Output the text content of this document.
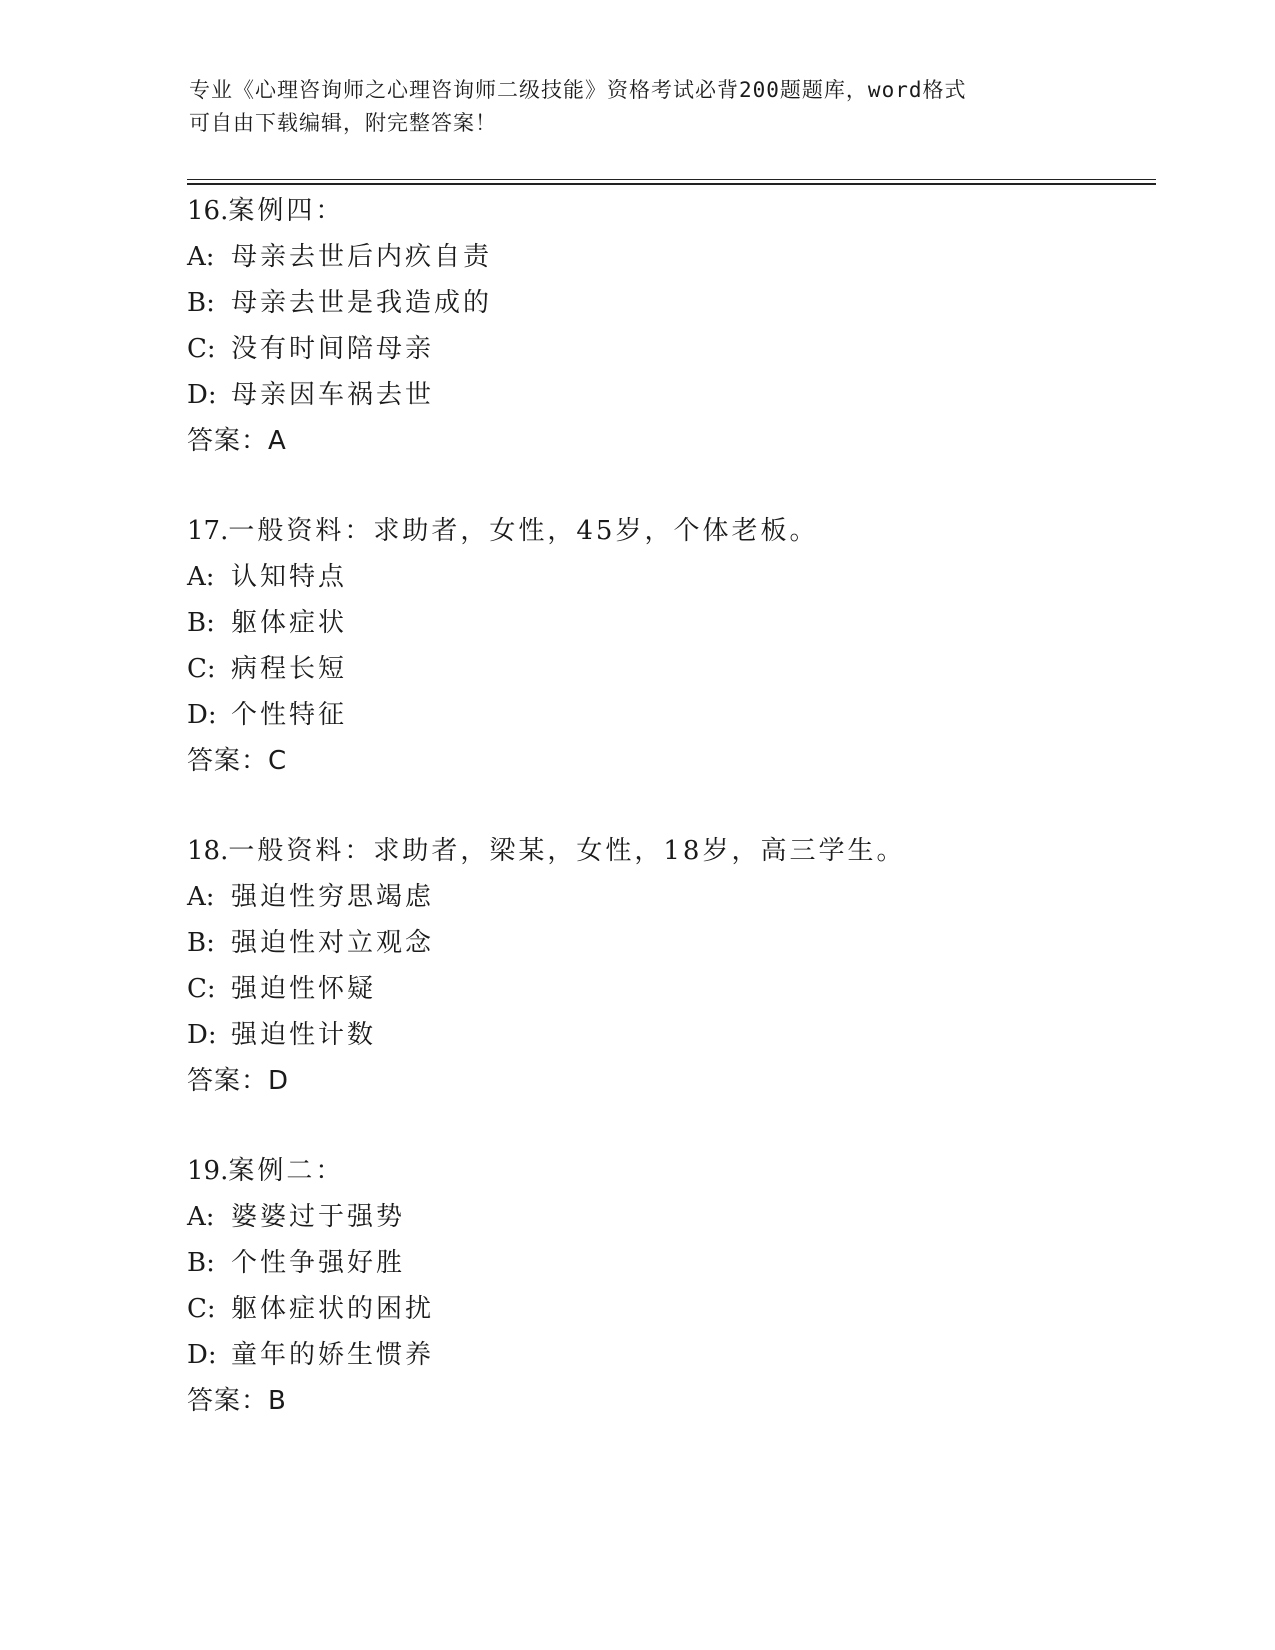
专业《心理咨询师之心理咨询师二级技能》资格考试必背200题题库，word格式
可自由下载编辑，附完整答案！
16.案例四：
A: 母亲去世后内疚自责
B: 母亲去世是我造成的
C: 没有时间陪母亲
D: 母亲因车祸去世
答案：A
17.一般资料：求助者，女性，45岁，个体老板。
A: 认知特点
B: 躯体症状
C: 病程长短
D: 个性特征
答案：C
18.一般资料：求助者，梁某，女性，18岁，高三学生。
A: 强迫性穷思竭虑
B: 强迫性对立观念
C: 强迫性怀疑
D: 强迫性计数
答案：D
19.案例二：
A: 婆婆过于强势
B: 个性争强好胜
C: 躯体症状的困扰
D: 童年的娇生惯养
答案：B
